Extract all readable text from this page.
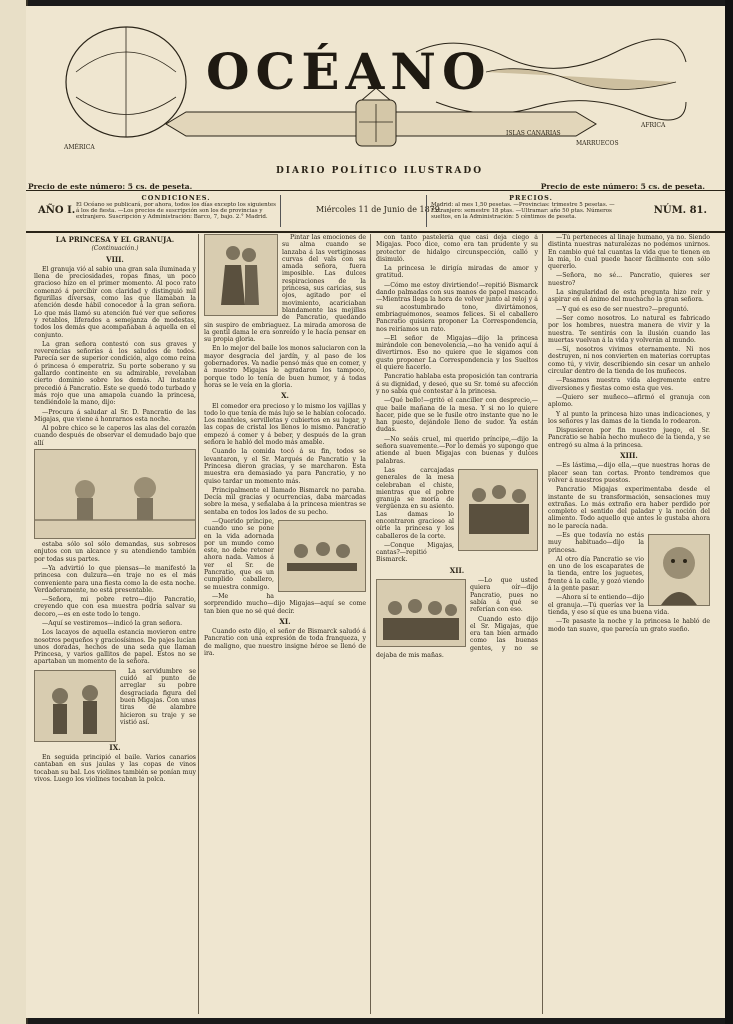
OCÉANO
ISLAS CANARIAS
MARRUECOS
AFRICA
AMÉRICA
DIARIO POLÍTICO ILUSTRADO
Precio de este número: 5 cs. de peseta.	Precio de este número: 5 cs. de peseta.
AÑO I.
CONDICIONES.
El Océano se publicará, por ahora, todos los días excepto los siguientes á los de fiesta. —Los precios de suscripción son los de provincias y extranjero. Suscripción y Administración: Barco, 7, bajo. 2.° Madrid.
Miércoles 11 de Junio de 1879.
PRECIOS.
Madrid: al mes 1,50 pesetas. —Provincias: trimestre 5 pesetas. —Extranjero: semestre 18 ptas. —Ultramar: año 50 ptas. Números sueltos, en la Administración: 5 céntimos de peseta.
NÚM. 81.
LA PRINCESA Y EL GRANUJA.
(Continuación.)
VIII.

El granuja vió al sabio una gran sala iluminada y llena de preciosidades, ropas finas, un poco gracioso hizo en el primer momento. Al poco rato comenzó á percibir con claridad y distinguió mil figurillas diversas, como las que llamaban la atención desde hábil conocedor á la gran señora. Lo que más llamó su atención fué ver que señores y retablos, liferados a semejanza de modestas, todos los demás que acompañaban á aquella en el conjunto.

La gran señora contestó con sus graves y reverencias señorías á los saludos de todos. Parecía ser de superior condición, algo como reina ó princesa ó emperatriz. Su porte soberano y su gallardo continente en su admirable, revelaban cierto dominio sobre los demás. Al instante precedió á Pancratio. Este se quedó todo turbado y más rojo que una amapola cuando la princesa, tendiéndole la mano, dijo:

—Procura á saludar al Sr. D. Pancratio de las Migajas, que viene á honrarnos esta noche.

Al pobre chico se le caperos las alas del corazón cuando después de observar el demudado bajo que allí

estaba sólo sol sólo demandas, sus sobresos enjutos con un alcance y su atendiendo también por todas sus partes.

—Ya advirtió lo que piensas—le manifestó la princesa con dulzura—en traje no es el más conveniente para una fiesta como la de esta noche. Verdaderamente, no está presentable.

—Señora, mi pobre retro—dijo Pancratio, creyendo que con esa muestra podría salvar su decoro,—es en este todo lo tengo.

—Aquí se vestiremos—indicó la gran señora.

Los lacayos de aquella estancia movieron entre nosotros pequeños y graciosísimos. De pajes lucían unos doradas, hechos de una seda que llaman Princesa, y varios gallitos de papel. Estos no se apartaban un momento de la señora.

La servidumbre se cuidó al punto de arreglar su pobre desgraciada figura del buen Migajas. Con unas tiras de alambre hicieron su traje y se vistió así.

IX.

En seguida principió el baile. Varios canarios cantaban en sus jaulas y las copas de vinos tocaban su bal. Los violines también se ponían muy vivos. Luego los violines tocaban la polca.

Pintar las emociones de su alma cuando se lanzaba á las vertiginosas curvas del vals con su amada señora, fuera imposible. Las dulces respiraciones de la princesa, sus caricias, sus ojos, agitado por el movimiento, acariciaban blandamente las mejillas de Pancratio, quedando sin suspiro de embriaguez. La mirada amorosa de la gentil dama le era sonreído y le hacía pensar en su propia gloria.

En lo mejor del baile los monos saluciaron con la mayor desgracia del jardín, y al paso de los gobernadores. Va nadie pensó más que en comer, y á nuestro Migajas le agradaron los tampoco, porque todo lo tenía de buen humor, y á todas horas se le veía en la gloria.

X.

El comedor era precioso y lo mismo los vajillas y todo lo que tenía de más lujo se le habían colocado. Los manteles, servilletas y cubiertos en su lugar, y las copas de cristal los llenos lo mismo. Pancratio empezó á comer y á beber, y después de la gran señora le habló del modo más amable.

Cuando la comida tocó á su fin, todos se levantaron, y el Sr. Marqués de Pancratio y la Princesa dieron gracias, y se marcharon. Esta muestra era demasiado ya para Pancratio, y no quiso tardar un momento más.

Principalmente el llamado Bismarck no paraba. Decía mil gracias y ocurrencias, daba marcadas sobre la mesa, y señalaba á la princesa mientras se sentaba en todos los lados de su pecho.

—Querido príncipe, cuando uno se pone en la vida adornada por un mundo como este, no debe retener ahora nada. Vamos á ver el Sr. de Pancratio, que es un cumplido caballero, se muestra conmigo.

—Me ha sorprendido mucho—dijo Migajas—aquí se come tan bien que no sé qué decir.

XI.

Cuando esto dijo, el señor de Bismarck saludó á Pancratio con una expresión de toda franqueza, y de maligno, que nuestro insigne héroe se llenó de ira.

con tanto pastelería que casi deja ciego á Migajas. Poco dice, como era tan prudente y su protector de hidalgo circunspección, calló y disimuló.

La princesa le dirigía miradas de amor y gratitud.

—Cómo me estoy divirtiendo!—repitió Bismarck dando palmadas con sus manos de papel mascado.—Mientras llega la hora de volver junto al reloj y á su acostumbrado tono, divirtámonos, embriaguémonos, seamos felices. Si el caballero Pancratio quisiera proponer La Correspondencia, nos reiríamos un rato.

—El señor de Migajas—dijo la princesa mirándole con benevolencia,—no ha venido aquí á divertirnos. Eso no quiere que le sigamos con gusto proponer La Correspondencia y los Sueltos el quiere hacerlo.

Pancratio hablaba esta proposición tan contraria á su dignidad, y deseó, que su Sr. tomé su afección y no sabía qué contestar á la princesa.

—Qué bello!—gritó el canciller con desprecio,—que baile mañana de la mesa. Y si no lo quiere hacer, pide que se le fusile otro instante que no le han puesto, dejándole lleno de sudor. Ya están dudas.

—No seáis cruel, mi querido príncipe,—dijo la señora suavemente.—Por lo demás yo supongo que atiende al buen Migajas con buenas y dulces palabras.

Las carcajadas generales de la mesa celebraban el chiste, mientras que el pobre granuja se moría de vergüenza en su asiento. Las damas lo encontraron gracioso al oírle la princesa y los caballeros de la corte.

—Conque Migajas, cantas?—repitió Bismarck.

XII.

—Lo que usted quiera oír—dijo Pancratio, pues no sabía á qué se referían con eso.

Cuando esto dijo el Sr. Migajas, que era tan bien armado como las buenas gentes, y no se dejaba de mis mañas.

—Tú perteneces al linaje humano, ya no. Siendo distinta nuestras naturalezas no podemos unirnos. En cambio qué tal cuantas la vida que te tienen en la mía, lo cual puede hacer fácilmente con sólo quererlo.

—Señora, no sé... Pancratio, quieres ser nuestro?

La singularidad de esta pregunta hizo reír y aspirar en el ánimo del muchacho la gran señora.

—Y qué es eso de ser nuestro?—preguntó.

—Ser como nosotros. Lo natural es fabricado por los hombres, nuestra manera de vivir y la nuestra. Te sentirás con la ilusión cuando las muertas vuelvan á la vida y volverán al mundo.

—Sí, nosotros vivimos eternamente. Ni nos destruyen, ni nos convierten en materias corruptas como tú, y vivir, describiendo sin cesar un anhelo circular dentro de la tienda de los muñecos.

—Pasamos nuestra vida alegremente entre diversiones y fiestas como esta que ves.

—Quiero ser muñeco—afirmó el granuja con aplomo.

Y al punto la princesa hizo unas indicaciones, y los señores y las damas de la tienda lo rodearon.

Dispusieron por fin nuestro juego, el Sr. Pancratio se había hecho muñeco de la tienda, y se entregó su alma á la princesa.

XIII.

—Es lástima,—dijo ella,—que nuestras horas de placer sean tan cortas. Pronto tendremos que volver á nuestros puestos.

Pancratio Migajas experimentaba desde el instante de su transformación, sensaciones muy extrañas. Lo más extraño era haber perdido por completo el sentido del paladar y la noción del alimento. Todo aquello que antes le gustaba ahora no le parecía nada.

—Es que todavía no estás muy habituado—dijo la princesa.

Al otro día Pancratio se vio en uno de los escaparates de la tienda, entre los juguetes, frente á la calle, y gozó viendo á la gente pasar.

—Ahora sí te entiendo—dijo el granuja.—Tú querías ver la tienda, y eso sí que es una buena vida.

—Te pasaste la noche y la princesa le habló de modo tan suave, que parecía un grato sueño.
